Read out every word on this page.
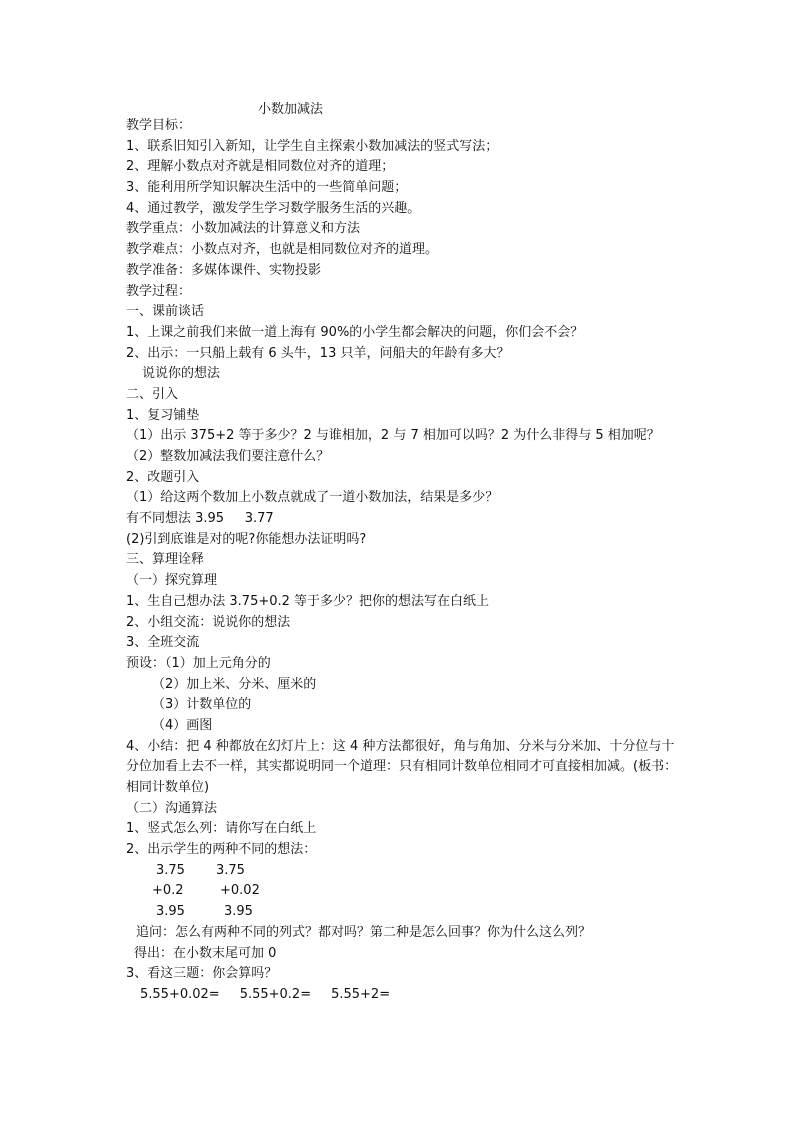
小数加减法
教学目标：
1、联系旧知引入新知，让学生自主探索小数加减法的竖式写法；
2、理解小数点对齐就是相同数位对齐的道理；
3、能利用所学知识解决生活中的一些简单问题；
4、通过教学，激发学生学习数学服务生活的兴趣。
教学重点：小数加减法的计算意义和方法
教学难点：小数点对齐，也就是相同数位对齐的道理。
教学准备：多媒体课件、实物投影
教学过程：
一、课前谈话
1、上课之前我们来做一道上海有 90%的小学生都会解决的问题，你们会不会？
2、出示：一只船上载有 6 头牛，13 只羊，问船夫的年龄有多大？
说说你的想法
二、引入
1、复习铺垫
（1）出示 375+2 等于多少？2 与谁相加，2 与 7 相加可以吗？2 为什么非得与 5 相加呢？
（2）整数加减法我们要注意什么？
2、改题引入
（1）给这两个数加上小数点就成了一道小数加法，结果是多少？
有不同想法 3.95     3.77
(2)引到底谁是对的呢?你能想办法证明吗?
三、算理诠释
（一）探究算理
1、生自己想办法 3.75+0.2 等于多少？把你的想法写在白纸上
2、小组交流：说说你的想法
3、全班交流
预设：（1）加上元角分的
（2）加上米、分米、厘米的
（3）计数单位的
（4）画图
4、小结：把 4 种都放在幻灯片上：这 4 种方法都很好，角与角加、分米与分米加、十分位与十分位加看上去不一样，其实都说明同一个道理：只有相同计数单位相同才可直接相加减。(板书：相同计数单位)
（二）沟通算法
1、竖式怎么列：请你写在白纸上
2、出示学生的两种不同的想法：
3.75 3.75
+0.2	+0.02
3.95	3.95
追问：怎么有两种不同的列式？都对吗？第二种是怎么回事？你为什么这么列？
得出：在小数末尾可加 0
3、看这三题：你会算吗？
5.55+0.02= 5.55+0.2= 5.55+2=
